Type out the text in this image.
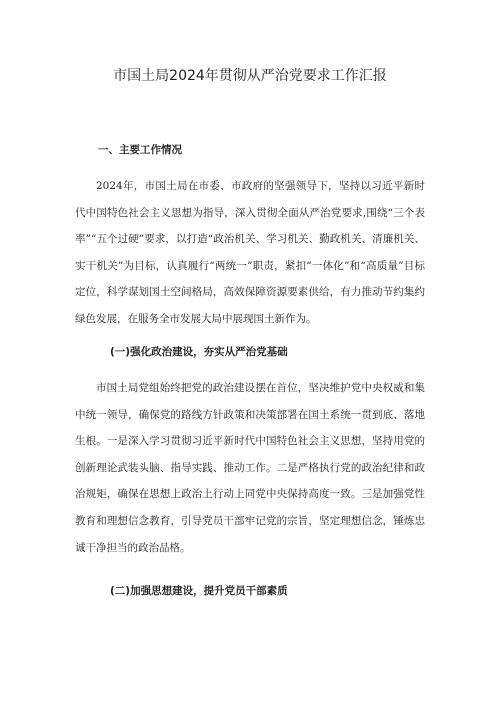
市国土局2024年贯彻从严治党要求工作汇报
一、主要工作情况

2024年，市国土局在市委、市政府的坚强领导下，坚持以习近平新时代中国特色社会主义思想为指导，深入贯彻全面从严治党要求,围绕“三个表率”“五个过硬”要求，以打造“政治机关、学习机关、勤政机关、清廉机关、实干机关”为目标，认真履行“两统一”职责，紧扣“一体化”和“高质量”目标定位，科学谋划国土空间格局，高效保障资源要素供给，有力推动节约集约绿色发展，在服务全市发展大局中展现国土新作为。

(一)强化政治建设，夯实从严治党基础

市国土局党组始终把党的政治建设摆在首位，坚决维护党中央权威和集中统一领导，确保党的路线方针政策和决策部署在国土系统一贯到底、落地生根。一是深入学习贯彻习近平新时代中国特色社会主义思想，坚持用党的创新理论武装头脑、指导实践、推动工作。二是严格执行党的政治纪律和政治规矩，确保在思想上政治上行动上同党中央保持高度一致。三是加强党性教育和理想信念教育，引导党员干部牢记党的宗旨，坚定理想信念，锤炼忠诚干净担当的政治品格。

(二)加强思想建设，提升党员干部素质
